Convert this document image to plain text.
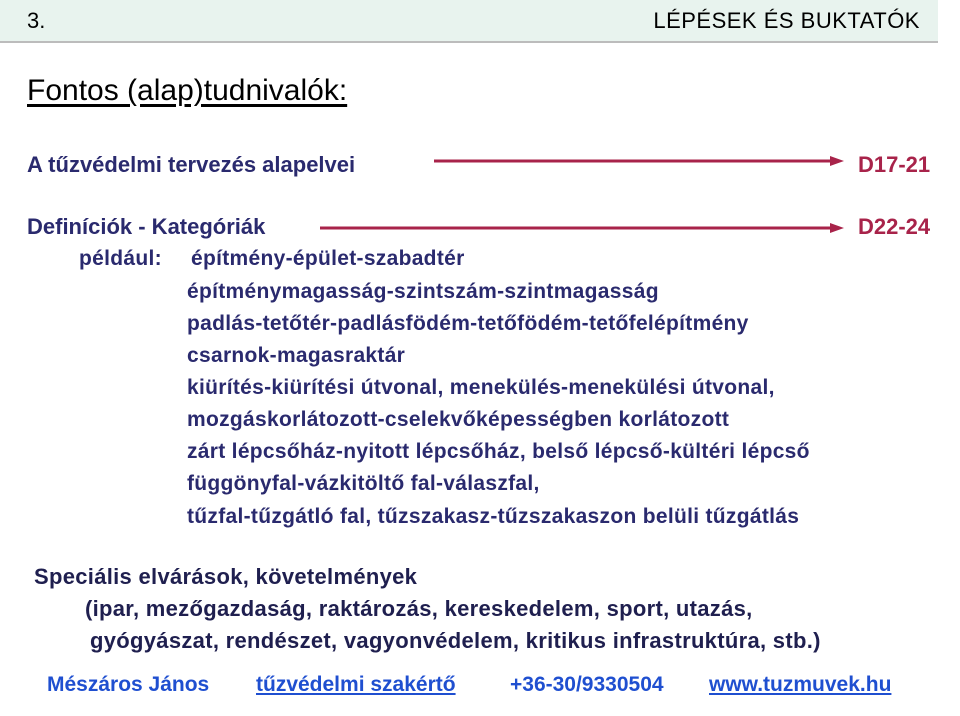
3.	LÉPÉSEK ÉS BUKTATÓK
Fontos (alap)tudnivalók:
A tűzvédelmi tervezés alapelvei	D17-21
Definíciók - Kategóriák	D22-24
például: építmény-épület-szabadtér
építménymagasság-szintszám-szintmagasság
padlás-tetőtér-padlásfödém-tetőfödém-tetőfelépítmény
csarnok-magasraktár
kiürítés-kiürítési útvonal, menekülés-menekülési útvonal,
mozgáskorlátozott-cselekvőképességben korlátozott
zárt lépcsőház-nyitott lépcsőház, belső lépcső-kültéri lépcső
függönyfal-vázkitöltő fal-válaszfal,
tűzfal-tűzgátló fal, tűzszakasz-tűzszakaszon belüli tűzgátlás
Speciális elvárások, követelmények
(ipar, mezőgazdaság, raktározás, kereskedelem, sport, utazás,
gyógyászat, rendészet, vagyonvédelem, kritikus infrastruktúra, stb.)
Mészáros János tűzvédelmi szakértő	+36-30/9330504 www.tuzmuvek.hu
